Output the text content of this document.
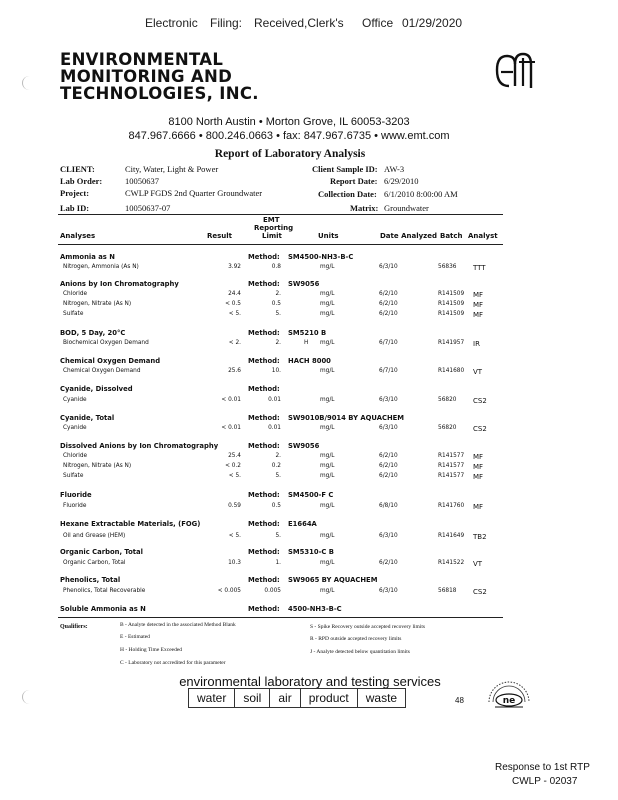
Electronic Filing: Received,Clerk's Office 01/29/2020
ENVIRONMENTAL
MONITORING AND
TECHNOLOGIES, INC.
8100 North Austin • Morton Grove, IL 60053-3203
847.967.6666 • 800.246.0663 • fax: 847.967.6735 • www.emt.com
Report of Laboratory Analysis
CLIENT:	City, Water, Light & Power
Lab Order:	10050637
Project:	CWLP FGDS 2nd Quarter Groundwater
Lab ID:	10050637-07
Client Sample ID: AW-3
Report Date: 6/29/2010
Collection Date: 6/1/2010 8:00:00 AM
Matrix: Groundwater
Analyses	Result
EMT
Reporting
Limit	Units	Date Analyzed Batch Analyst
Ammonia as N	Method: SM4500-NH3-B-C
Nitrogen, Ammonia (As N)	3.92	0.8	mg/L	6/3/10	56836 TTT
Anions by Ion Chromatography	Method: SW9056
Chloride	24.4	2.	mg/L	6/2/10	R141509 MF
Nitrogen, Nitrate (As N)	< 0.5	0.5	mg/L	6/2/10	R141509 MF
Sulfate	< 5.	5.	mg/L	6/2/10	R141509 MF
BOD, 5 Day, 20°C	Method: SM5210 B
Biochemical Oxygen Demand	< 2.	2.	H mg/L	6/7/10	R141957 IR
Chemical Oxygen Demand	Method: HACH 8000
Chemical Oxygen Demand	25.6	10.	mg/L	6/7/10	R141680 VT
Cyanide, Dissolved	Method:
Cyanide	< 0.01	0.01	mg/L	6/3/10	56820 CS2
Cyanide, Total	Method: SW9010B/9014 BY AQUACHEM
Cyanide	< 0.01	0.01	mg/L	6/3/10	56820 CS2
Dissolved Anions by Ion Chromatography	Method: SW9056
Chloride	25.4	2.	mg/L	6/2/10	R141577 MF
Nitrogen, Nitrate (As N)	< 0.2	0.2	mg/L	6/2/10	R141577 MF
Sulfate	< 5.	5.	mg/L	6/2/10	R141577 MF
Fluoride	Method: SM4500-F C
Fluoride	0.59	0.5	mg/L	6/8/10	R141760 MF
Hexane Extractable Materials, (FOG)	Method: E1664A
Oil and Grease (HEM)	< 5.	5.	mg/L	6/3/10	R141649 TB2
Organic Carbon, Total	Method: SM5310-C B
Organic Carbon, Total	10.3	1.	mg/L	6/2/10	R141522 VT
Phenolics, Total	Method: SW9065 BY AQUACHEM
Phenolics, Total Recoverable	< 0.005	0.005	mg/L	6/3/10	56818 CS2
Soluble Ammonia as N	Method: 4500-NH3-B-C
Qualifiers:	B - Analyte detected in the associated Method Blank
E - Estimated
H - Holding Time Exceeded
C - Laboratory not accredited for this parameter
S - Spike Recovery outside accepted recovery limits
R - RPD outside accepted recovery limits
J - Analyte detected below quantitation limits
environmental laboratory and testing services
water	soil	air	product	waste	48	ne
Response to 1st RTP
CWLP - 02037
